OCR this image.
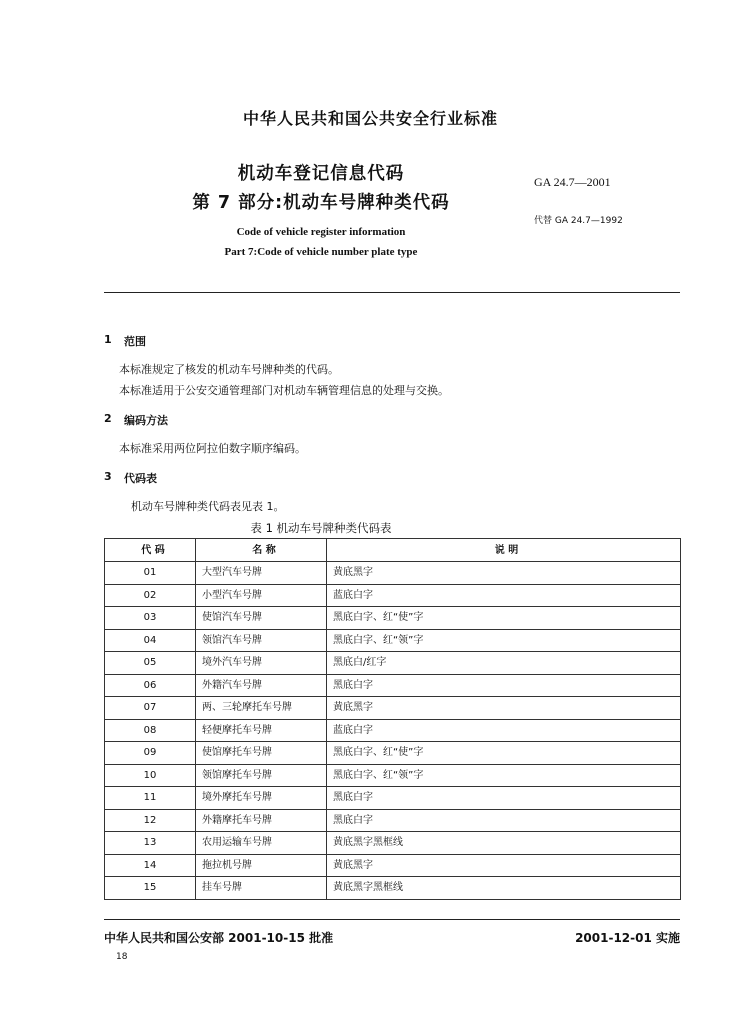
中华人民共和国公共安全行业标准
机动车登记信息代码
第 7 部分:机动车号牌种类代码
Code of vehicle register information
Part 7:Code of vehicle number plate type
GA 24.7—2001
代替 GA 24.7—1992
1 范围
本标准规定了核发的机动车号牌种类的代码。
本标准适用于公安交通管理部门对机动车辆管理信息的处理与交换。
2 编码方法
本标准采用两位阿拉伯数字顺序编码。
3 代码表
机动车号牌种类代码表见表 1。
表 1 机动车号牌种类代码表
代 码	名 称	说 明
01	大型汽车号牌	黄底黑字
02	小型汽车号牌	蓝底白字
03	使馆汽车号牌	黑底白字、红“使”字
04	领馆汽车号牌	黑底白字、红“领”字
05	境外汽车号牌	黑底白/红字
06	外籍汽车号牌	黑底白字
07	两、三轮摩托车号牌	黄底黑字
08	轻便摩托车号牌	蓝底白字
09	使馆摩托车号牌	黑底白字、红“使”字
10	领馆摩托车号牌	黑底白字、红“领”字
11	境外摩托车号牌	黑底白字
12	外籍摩托车号牌	黑底白字
13	农用运输车号牌	黄底黑字黑框线
14	拖拉机号牌	黄底黑字
15	挂车号牌	黄底黑字黑框线
中华人民共和国公安部 2001-10-15 批准	2001-12-01 实施
18
